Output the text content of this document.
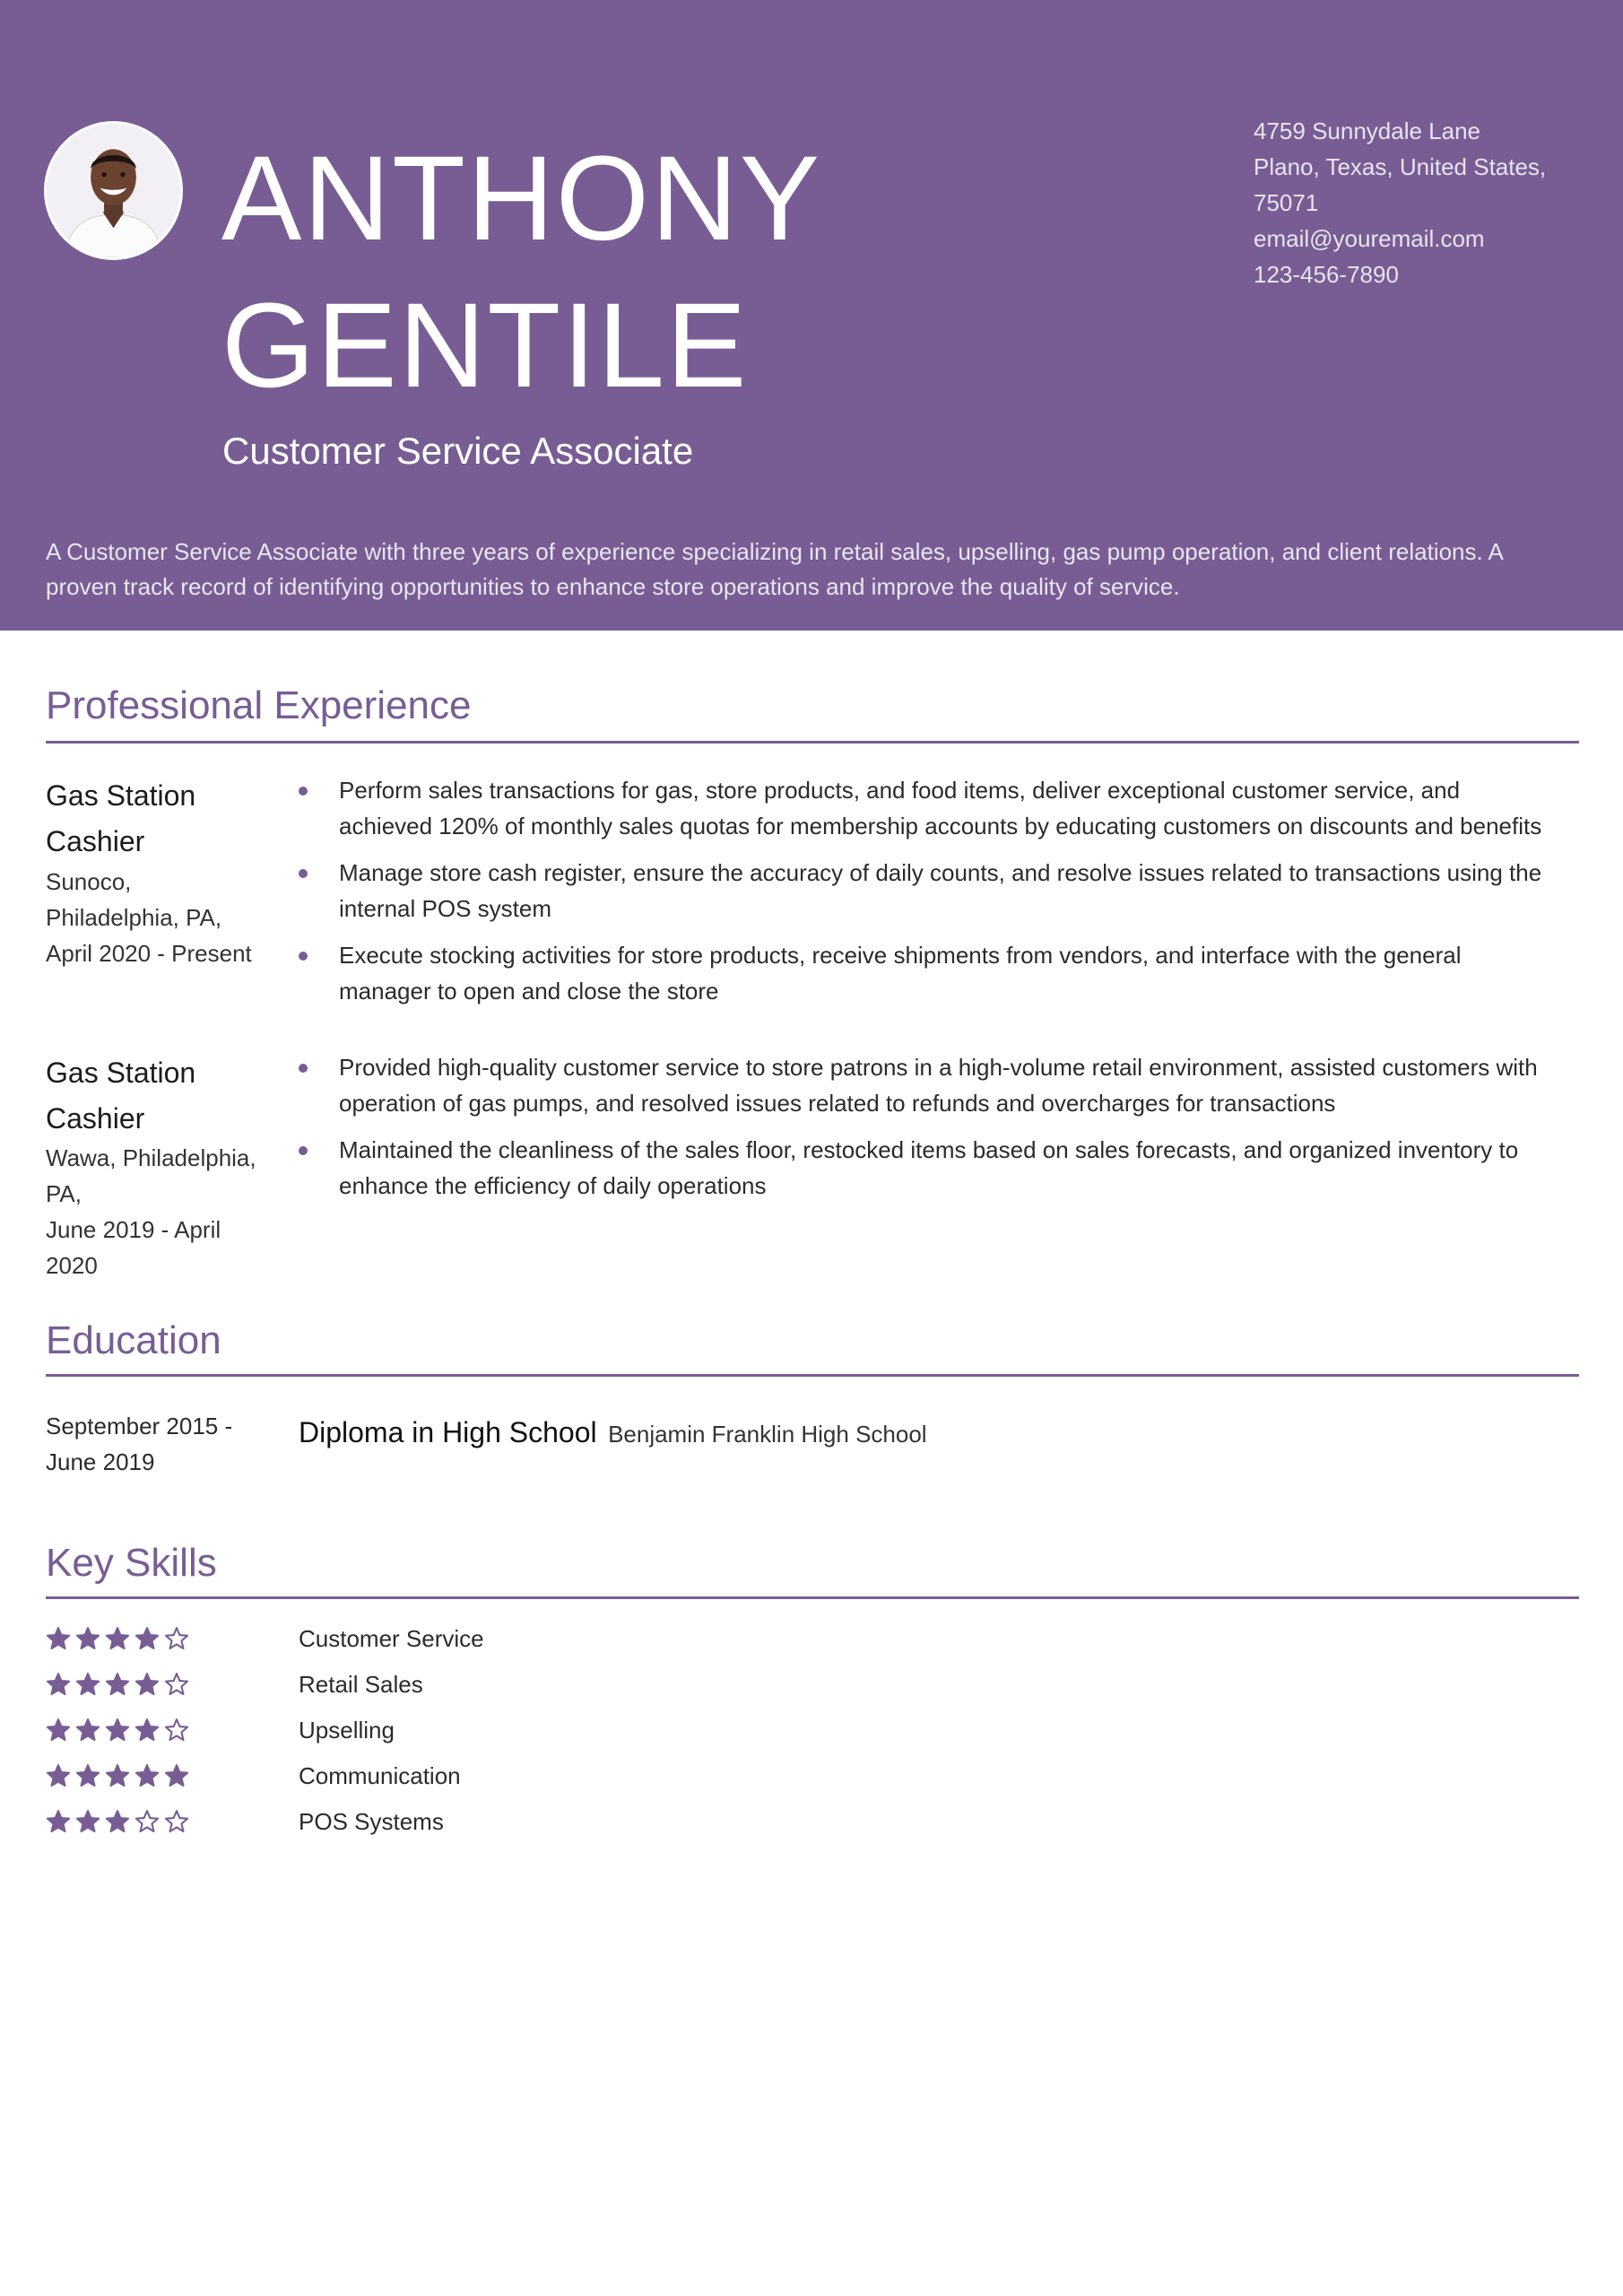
ANTHONY
GENTILE
Customer Service Associate
4759 Sunnydale Lane
Plano, Texas, United States,
75071
email@youremail.com
123-456-7890

A Customer Service Associate with three years of experience specializing in retail sales, upselling, gas pump operation, and client relations. A proven track record of identifying opportunities to enhance store operations and improve the quality of service.

Professional Experience
Gas Station
Cashier
Sunoco,
Philadelphia, PA,
April 2020 - Present
Perform sales transactions for gas, store products, and food items, deliver exceptional customer service, and achieved 120% of monthly sales quotas for membership accounts by educating customers on discounts and benefits
Manage store cash register, ensure the accuracy of daily counts, and resolve issues related to transactions using the internal POS system
Execute stocking activities for store products, receive shipments from vendors, and interface with the general manager to open and close the store
Gas Station
Cashier
Wawa, Philadelphia,
PA,
June 2019 - April
2020
Provided high-quality customer service to store patrons in a high-volume retail environment, assisted customers with operation of gas pumps, and resolved issues related to refunds and overcharges for transactions
Maintained the cleanliness of the sales floor, restocked items based on sales forecasts, and organized inventory to enhance the efficiency of daily operations
Education
September 2015 -
June 2019
Diploma in High School Benjamin Franklin High School
Key Skills
Customer Service
Retail Sales
Upselling
Communication
POS Systems
